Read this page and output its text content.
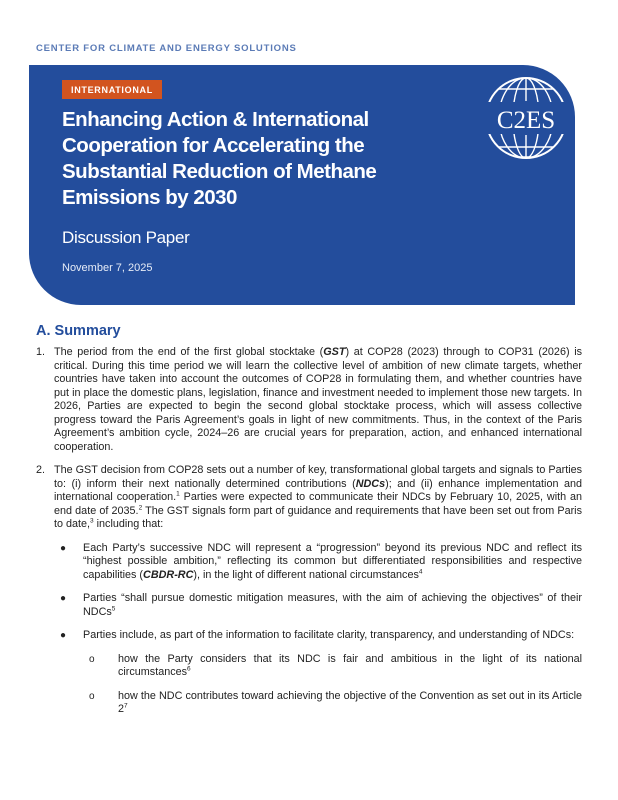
CENTER FOR CLIMATE AND ENERGY SOLUTIONS
INTERNATIONAL
Enhancing Action & International Cooperation for Accelerating the Substantial Reduction of Methane Emissions by 2030
Discussion Paper
November 7, 2025
C2ES
A. Summary
1. The period from the end of the first global stocktake (GST) at COP28 (2023) through to COP31 (2026) is critical. During this time period we will learn the collective level of ambition of new climate targets, whether countries have taken into account the outcomes of COP28 in formulating them, and whether countries have put in place the domestic plans, legislation, finance and investment needed to implement those new targets. In 2026, Parties are expected to begin the second global stocktake process, which will assess collective progress toward the Paris Agreement’s goals in light of new commitments. Thus, in the context of the Paris Agreement’s ambition cycle, 2024–26 are crucial years for preparation, action, and enhanced international cooperation.
2. The GST decision from COP28 sets out a number of key, transformational global targets and signals to Parties to: (i) inform their next nationally determined contributions (NDCs); and (ii) enhance implementation and international cooperation.$^1$ Parties were expected to communicate their NDCs by February 10, 2025, with an end date of 2035.$^2$ The GST signals form part of guidance and requirements that have been set out from Paris to date,$^3$ including that:
● Each Party’s successive NDC will represent a “progression” beyond its previous NDC and reflect its “highest possible ambition,” reflecting its common but differentiated responsibilities and respective capabilities (CBDR-RC), in the light of different national circumstances$^4$
● Parties “shall pursue domestic mitigation measures, with the aim of achieving the objectives” of their NDCs$^5$
● Parties include, as part of the information to facilitate clarity, transparency, and understanding of NDCs:
o how the Party considers that its NDC is fair and ambitious in the light of its national circumstances$^6$
o how the NDC contributes toward achieving the objective of the Convention as set out in its Article $2^7$
